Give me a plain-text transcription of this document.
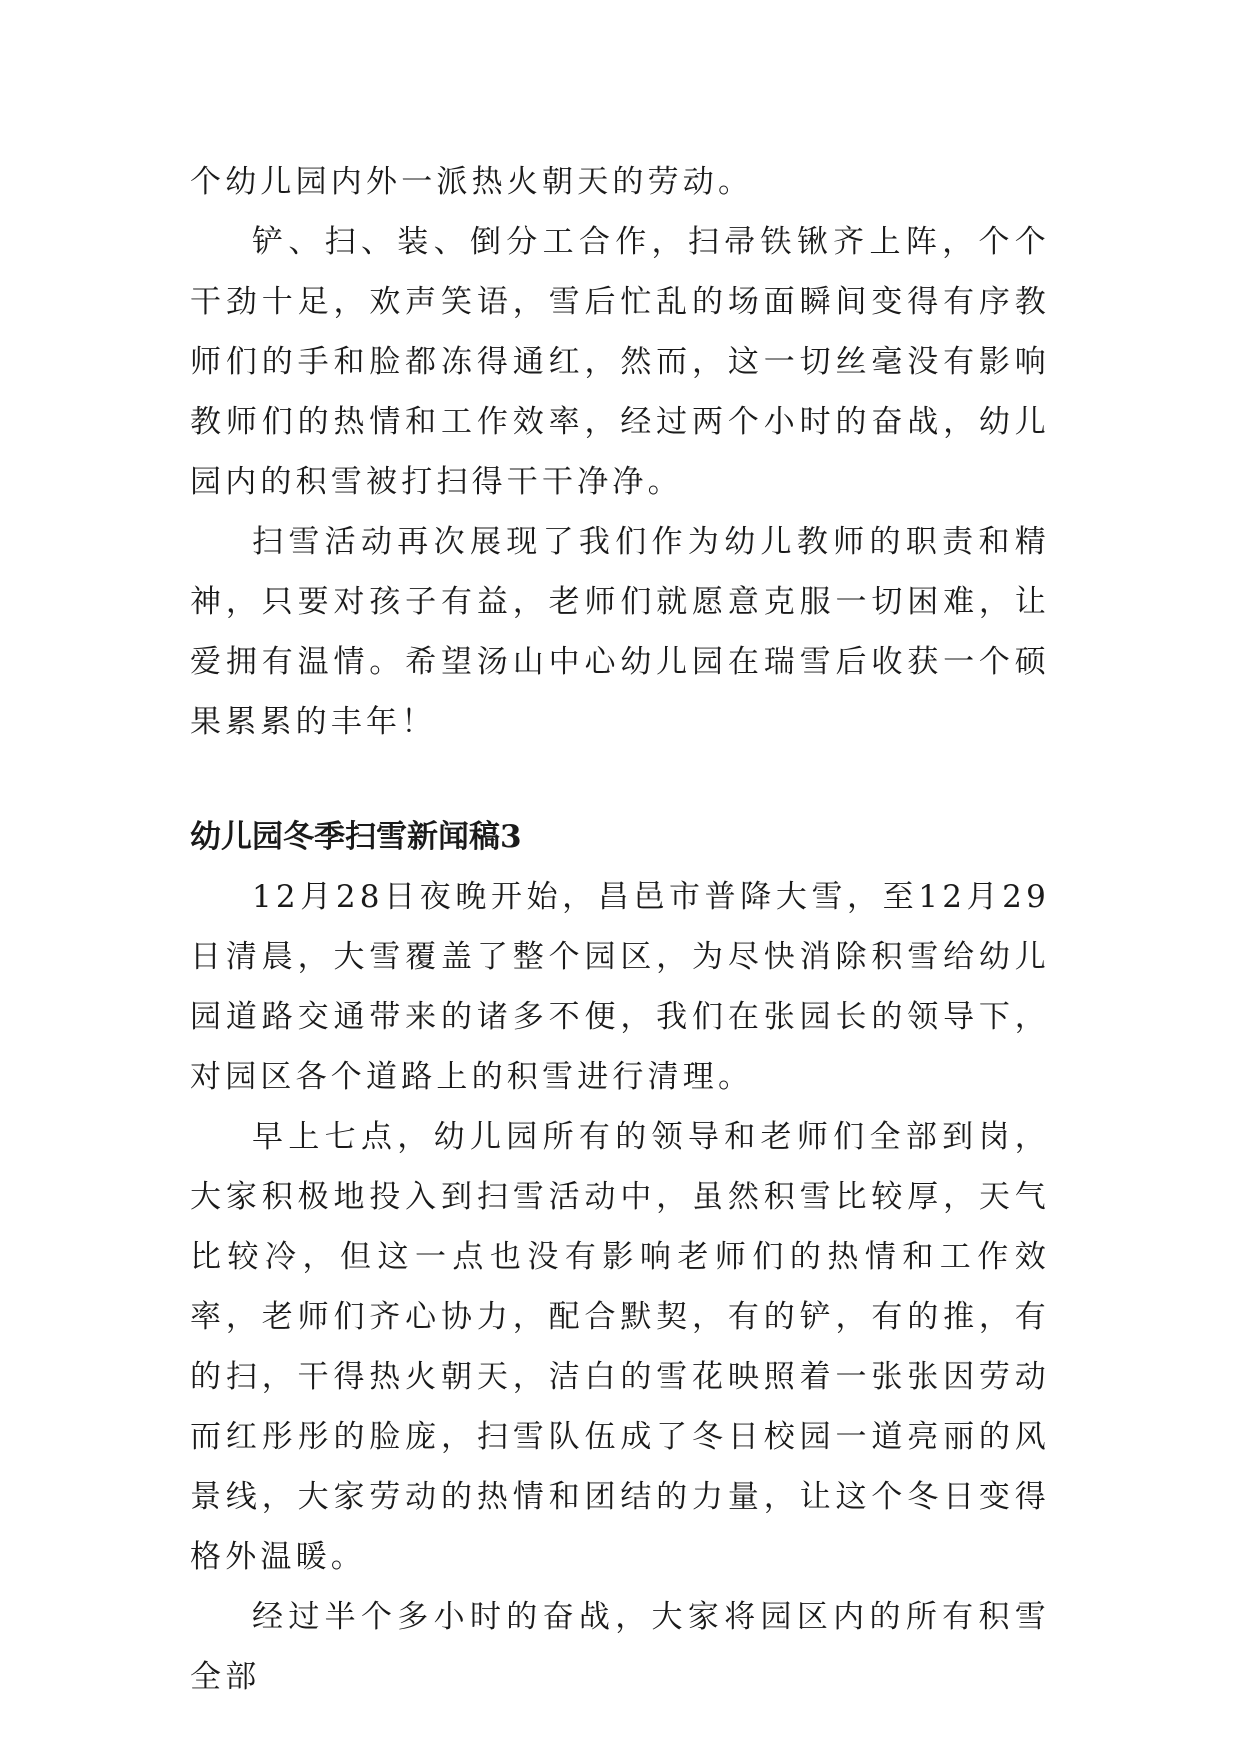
个幼儿园内外一派热火朝天的劳动。

铲、扫、装、倒分工合作，扫帚铁锹齐上阵，个个干劲十足，欢声笑语，雪后忙乱的场面瞬间变得有序教师们的手和脸都冻得通红，然而，这一切丝毫没有影响教师们的热情和工作效率，经过两个小时的奋战，幼儿园内的积雪被打扫得干干净净。

扫雪活动再次展现了我们作为幼儿教师的职责和精神，只要对孩子有益，老师们就愿意克服一切困难，让爱拥有温情。希望汤山中心幼儿园在瑞雪后收获一个硕果累累的丰年！

幼儿园冬季扫雪新闻稿3

12月28日夜晚开始，昌邑市普降大雪，至12月29日清晨，大雪覆盖了整个园区，为尽快消除积雪给幼儿园道路交通带来的诸多不便，我们在张园长的领导下，对园区各个道路上的积雪进行清理。

早上七点，幼儿园所有的领导和老师们全部到岗，大家积极地投入到扫雪活动中，虽然积雪比较厚，天气比较冷，但这一点也没有影响老师们的热情和工作效率，老师们齐心协力，配合默契，有的铲，有的推，有的扫，干得热火朝天，洁白的雪花映照着一张张因劳动而红彤彤的脸庞，扫雪队伍成了冬日校园一道亮丽的风景线，大家劳动的热情和团结的力量，让这个冬日变得格外温暖。

经过半个多小时的奋战，大家将园区内的所有积雪全部
